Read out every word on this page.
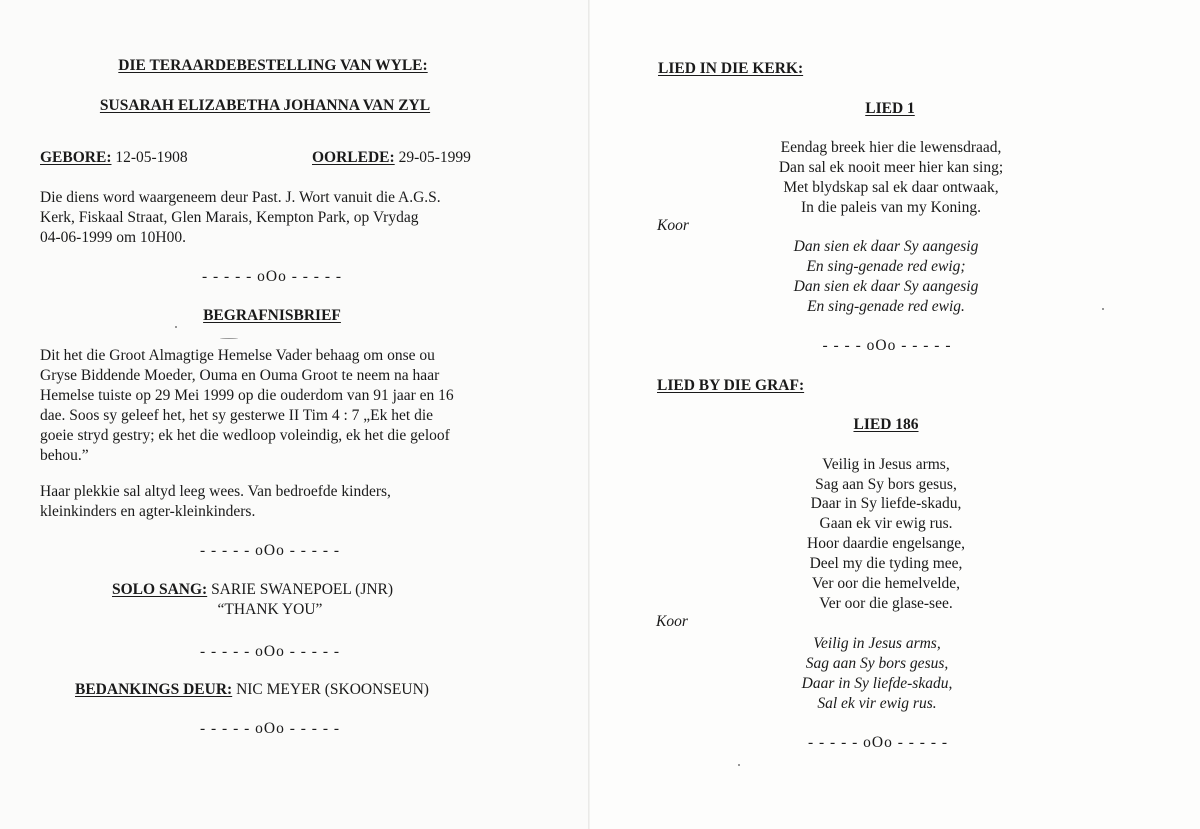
DIE TERAARDEBESTELLING VAN WYLE:
SUSARAH ELIZABETHA JOHANNA VAN ZYL
GEBORE: 12-05-1908	OORLEDE: 29-05-1999
Die diens word waargeneem deur Past. J. Wort vanuit die A.G.S.
Kerk, Fiskaal Straat, Glen Marais, Kempton Park, op Vrydag
04-06-1999 om 10H00.
- - - - - oOo - - - - -
BEGRAFNISBRIEF
Dit het die Groot Almagtige Hemelse Vader behaag om onse ou
Gryse Biddende Moeder, Ouma en Ouma Groot te neem na haar
Hemelse tuiste op 29 Mei 1999 op die ouderdom van 91 jaar en 16
dae. Soos sy geleef het, het sy gesterwe II Tim 4 : 7 „Ek het die
goeie stryd gestry; ek het die wedloop voleindig, ek het die geloof
behou.”
Haar plekkie sal altyd leeg wees. Van bedroefde kinders,
kleinkinders en agter-kleinkinders.
- - - - - oOo - - - - -
SOLO SANG: SARIE SWANEPOEL (JNR)
“THANK YOU”
- - - - - oOo - - - - -
BEDANKINGS DEUR: NIC MEYER (SKOONSEUN)
- - - - - oOo - - - - -
LIED IN DIE KERK:
LIED 1
Eendag breek hier die lewensdraad,
Dan sal ek nooit meer hier kan sing;
Met blydskap sal ek daar ontwaak,
In die paleis van my Koning.
Koor
Dan sien ek daar Sy aangesig
En sing-genade red ewig;
Dan sien ek daar Sy aangesig
En sing-genade red ewig.
- - - - oOo - - - - -
LIED BY DIE GRAF:
LIED 186
Veilig in Jesus arms,
Sag aan Sy bors gesus,
Daar in Sy liefde-skadu,
Gaan ek vir ewig rus.
Hoor daardie engelsange,
Deel my die tyding mee,
Ver oor die hemelvelde,
Ver oor die glase-see.
Koor
Veilig in Jesus arms,
Sag aan Sy bors gesus,
Daar in Sy liefde-skadu,
Sal ek vir ewig rus.
- - - - - oOo - - - - -
